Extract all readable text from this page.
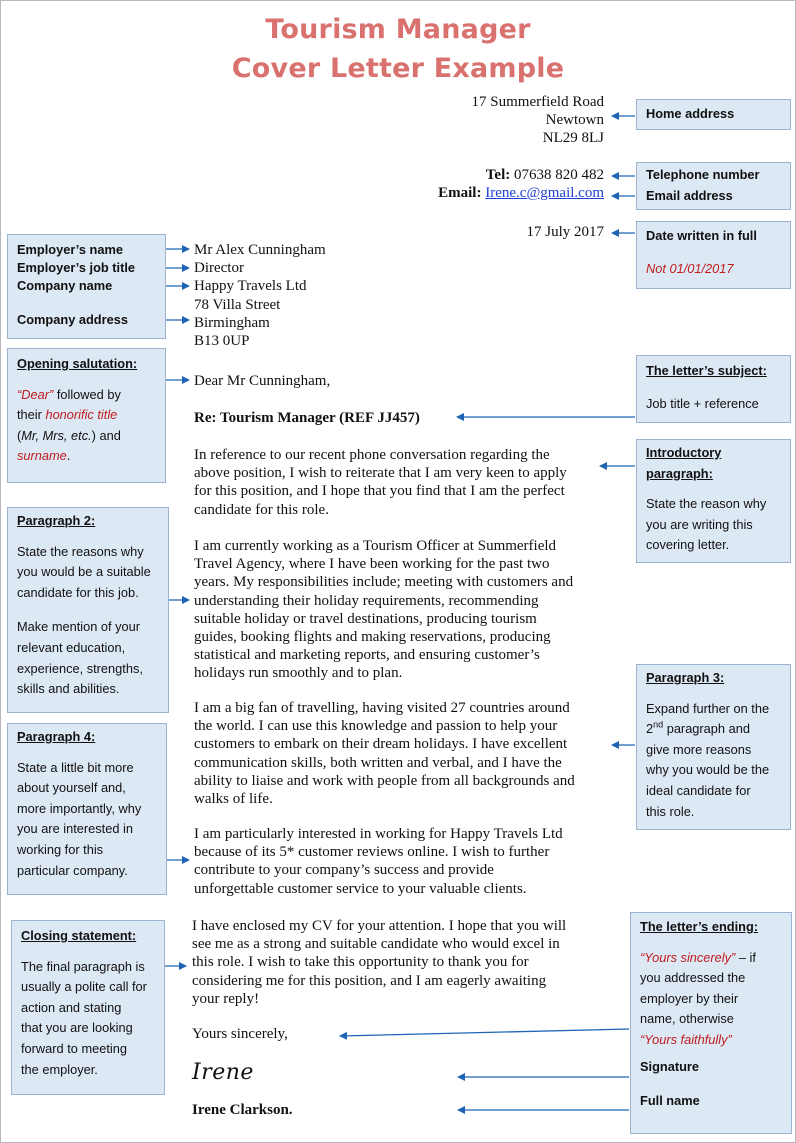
Tourism Manager
Cover Letter Example
17 Summerfield Road
Newtown
NL29 8LJ
Tel: 07638 820 482
Email: Irene.c@gmail.com
17 July 2017
Mr Alex Cunningham
Director
Happy Travels Ltd
78 Villa Street
Birmingham
B13 0UP
Dear Mr Cunningham,
Re: Tourism Manager (REF JJ457)
In reference to our recent phone conversation regarding the
above position, I wish to reiterate that I am very keen to apply
for this position, and I hope that you find that I am the perfect
candidate for this role.
I am currently working as a Tourism Officer at Summerfield
Travel Agency, where I have been working for the past two
years. My responsibilities include; meeting with customers and
understanding their holiday requirements, recommending
suitable holiday or travel destinations, producing tourism
guides, booking flights and making reservations, producing
statistical and marketing reports, and ensuring customer’s
holidays run smoothly and to plan.
I am a big fan of travelling, having visited 27 countries around
the world. I can use this knowledge and passion to help your
customers to embark on their dream holidays. I have excellent
communication skills, both written and verbal, and I have the
ability to liaise and work with people from all backgrounds and
walks of life.
I am particularly interested in working for Happy Travels Ltd
because of its 5* customer reviews online. I wish to further
contribute to your company’s success and provide
unforgettable customer service to your valuable clients.
I have enclosed my CV for your attention. I hope that you will
see me as a strong and suitable candidate who would excel in
this role. I wish to take this opportunity to thank you for
considering me for this position, and I am eagerly awaiting
your reply!
Yours sincerely,
Irene
Irene Clarkson.
Home address
Telephone number
Email address
Date written in full
Not 01/01/2017
The letter’s subject:
Job title + reference
Introductory
paragraph:
State the reason why
you are writing this
covering letter.
Paragraph 3:
Expand further on the
2nd paragraph and
give more reasons
why you would be the
ideal candidate for
this role.
The letter’s ending:
“Yours sincerely” – if
you addressed the
employer by their
name, otherwise
“Yours faithfully”
Signature
Full name
Employer’s name
Employer’s job title
Company name
Company address
Opening salutation:
“Dear” followed by
their honorific title
(Mr, Mrs, etc.) and
surname.
Paragraph 2:
State the reasons why
you would be a suitable
candidate for this job.
Make mention of your
relevant education,
experience, strengths,
skills and abilities.
Paragraph 4:
State a little bit more
about yourself and,
more importantly, why
you are interested in
working for this
particular company.
Closing statement:
The final paragraph is
usually a polite call for
action and stating
that you are looking
forward to meeting
the employer.
